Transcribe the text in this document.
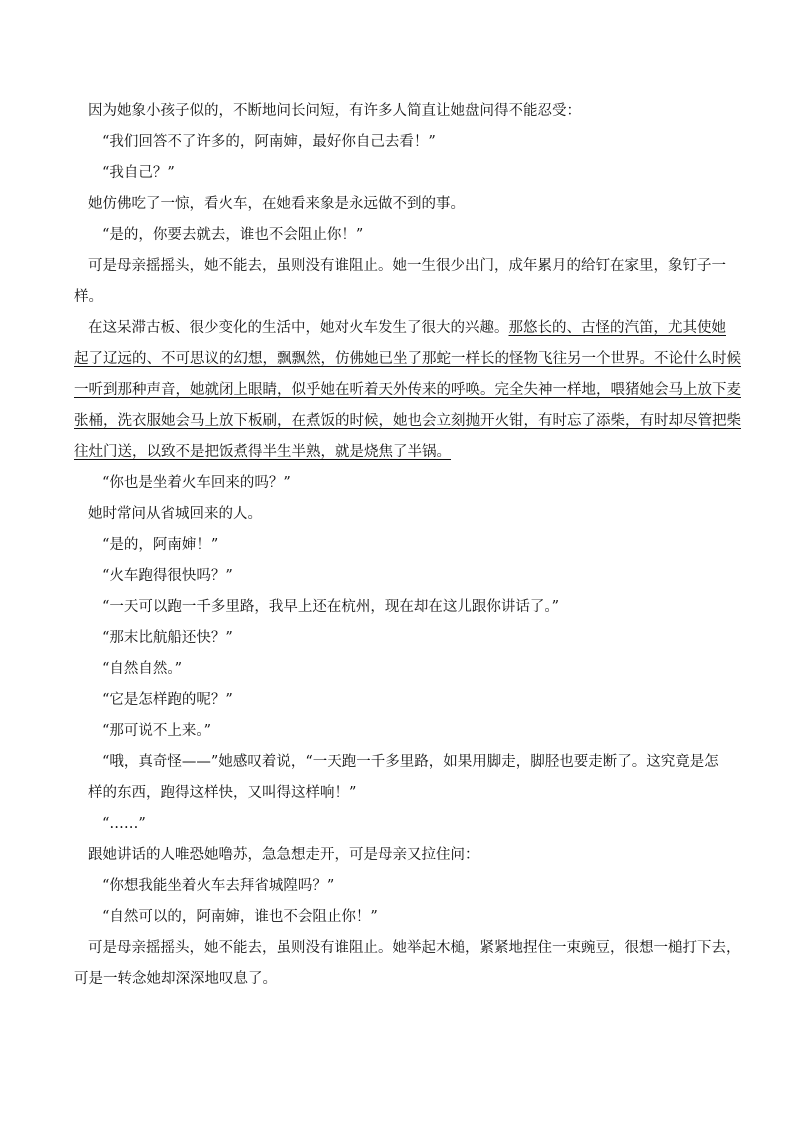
因为她象小孩子似的，不断地问长问短，有许多人简直让她盘问得不能忍受：

“我们回答不了许多的，阿南婶，最好你自己去看！”

“我自己？”

她仿佛吃了一惊，看火车，在她看来象是永远做不到的事。

“是的，你要去就去，谁也不会阻止你！”

可是母亲摇摇头，她不能去，虽则没有谁阻止。她一生很少出门，成年累月的给钉在家里，象钉子一
样。
在这呆滞古板、很少变化的生活中，她对火车发生了很大的兴趣。那悠长的、古怪的汽笛，尤其使她
起了辽远的、不可思议的幻想，飘飘然，仿佛她已坐了那蛇一样长的怪物飞往另一个世界。不论什么时候
一听到那种声音，她就闭上眼睛，似乎她在听着天外传来的呼唤。完全失神一样地，喂猪她会马上放下麦
张桶，洗衣服她会马上放下板刷，在煮饭的时候，她也会立刻抛开火钳，有时忘了添柴，有时却尽管把柴
往灶门送，以致不是把饭煮得半生半熟，就是烧焦了半锅。

“你也是坐着火车回来的吗？”

她时常问从省城回来的人。

“是的，阿南婶！”

“火车跑得很快吗？”

“一天可以跑一千多里路，我早上还在杭州，现在却在这儿跟你讲话了。”

“那末比航船还快？”

“自然自然。”

“它是怎样跑的呢？”

“那可说不上来。”

“哦，真奇怪——”她感叹着说，“一天跑一千多里路，如果用脚走，脚胫也要走断了。这究竟是怎
样的东西，跑得这样快，又叫得这样响！”

“……”

跟她讲话的人唯恐她噜苏，急急想走开，可是母亲又拉住问：

“你想我能坐着火车去拜省城隍吗？”

“自然可以的，阿南婶，谁也不会阻止你！”

可是母亲摇摇头，她不能去，虽则没有谁阻止。她举起木槌，紧紧地捏住一束豌豆，很想一槌打下去，
可是一转念她却深深地叹息了。
